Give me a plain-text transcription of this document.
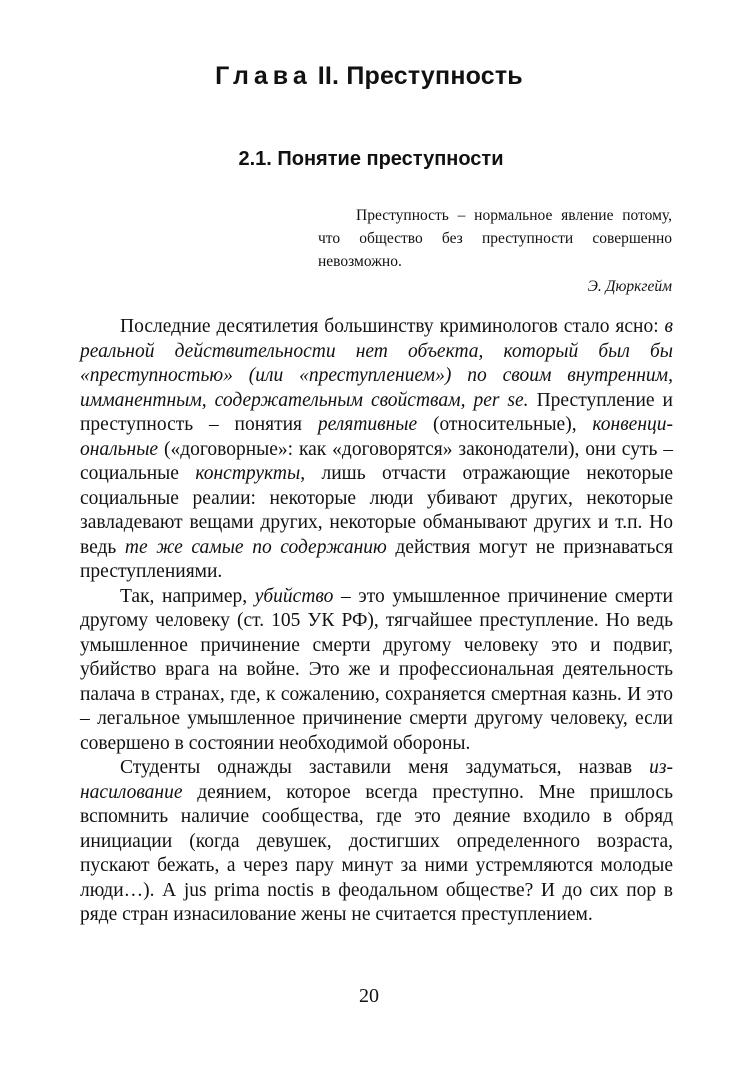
Глава II. Преступность
2.1. Понятие преступности

Преступность – нормальное явление потому, что общество без преступности совершенно невозможно.

Э. Дюркгейм

Последние десятилетия большинству криминологов стало ясно: в реальной действительности нет объекта, который был бы «преступностью» (или «преступлением») по своим внутренним, имманентным, содержательным свойствам, per se. Преступление и преступность – понятия релятивные (относительные), конвенциональные («договорные»: как «договорятся» законодатели), они суть – социальные конструкты, лишь отчасти отражающие некоторые социальные реалии: некоторые люди убивают других, некоторые завладевают вещами других, некоторые обманывают других и т.п. Но ведь те же самые по содержанию действия могут не признаваться преступлениями.

Так, например, убийство – это умышленное причинение смерти другому человеку (ст. 105 УК РФ), тягчайшее преступление. Но ведь умышленное причинение смерти другому человеку это и подвиг, убийство врага на войне. Это же и профессиональная деятельность палача в странах, где, к сожалению, сохраняется смертная казнь. И это – легальное умышленное причинение смерти другому человеку, если совершено в состоянии необходимой обороны.

Студенты однажды заставили меня задуматься, назвав изнасилование деянием, которое всегда преступно. Мне пришлось вспомнить наличие сообщества, где это деяние входило в обряд инициации (когда девушек, достигших определенного возраста, пускают бежать, а через пару минут за ними устремляются молодые люди…). А jus prima noctis в феодальном обществе? И до сих пор в ряде стран изнасилование жены не считается преступлением.

20
